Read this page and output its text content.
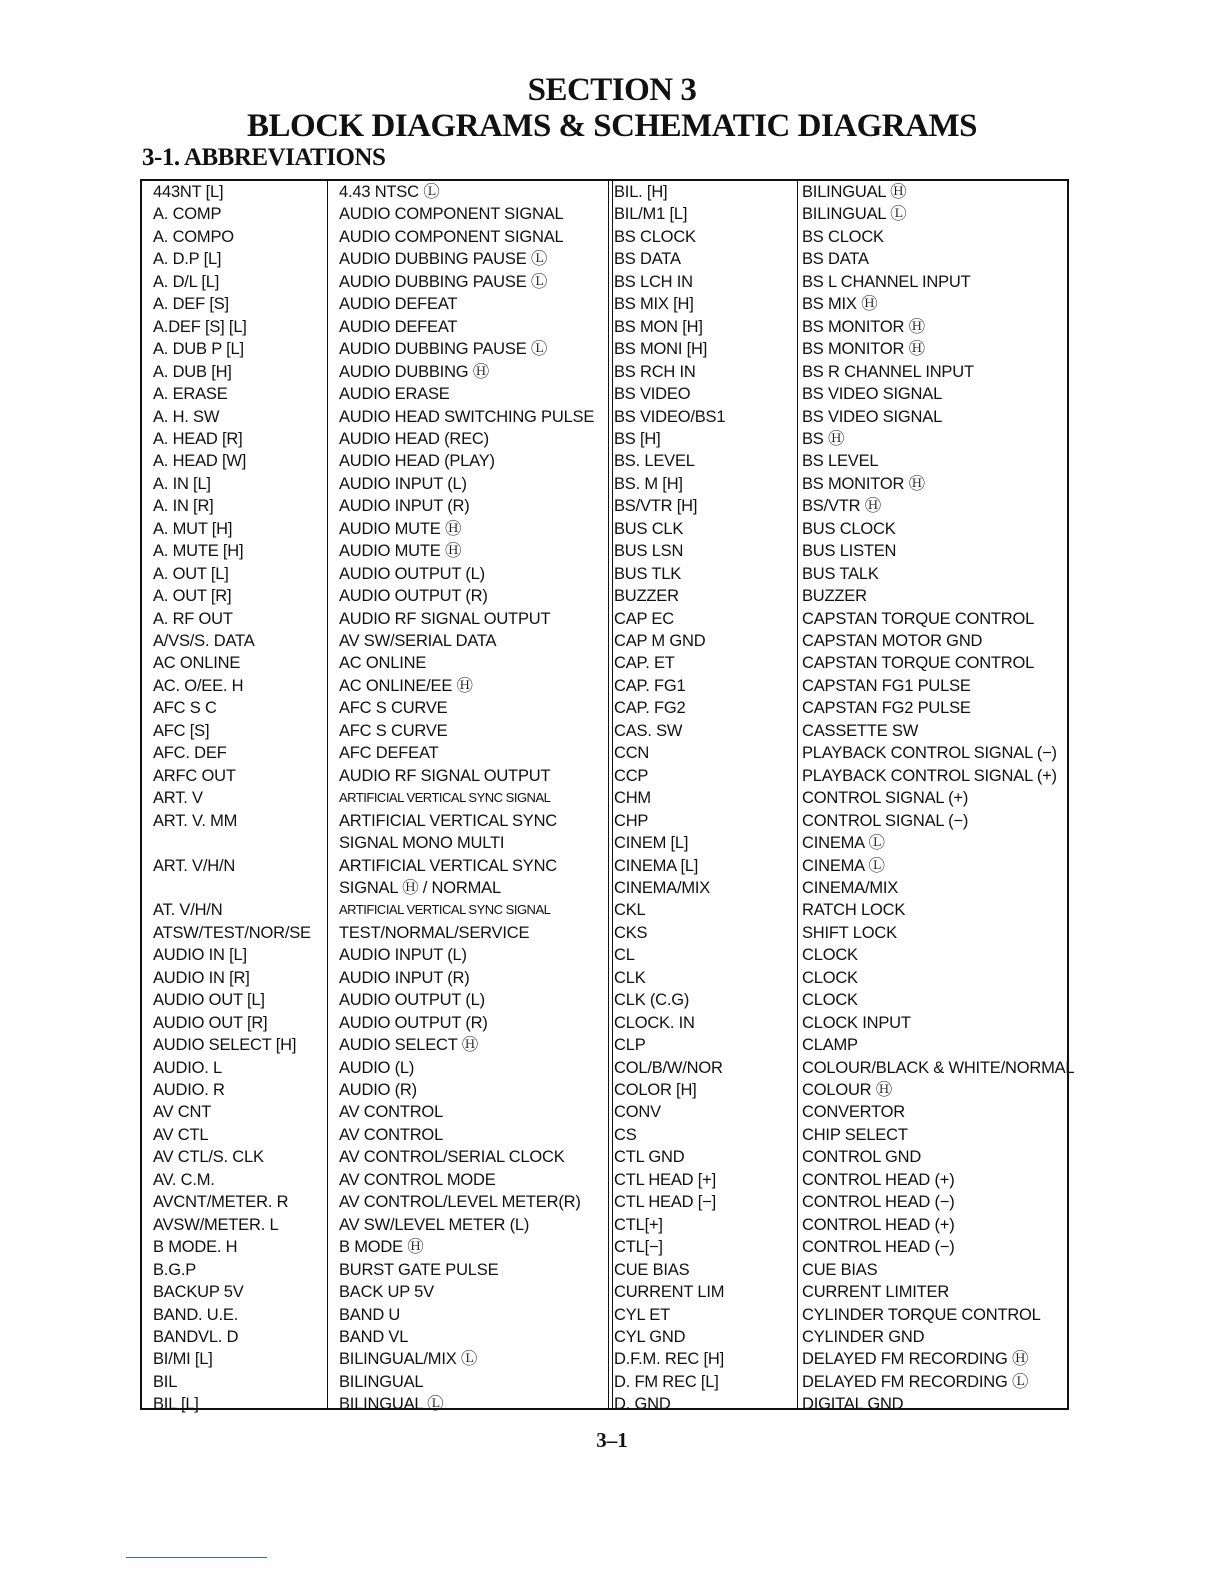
SECTION 3
BLOCK DIAGRAMS & SCHEMATIC DIAGRAMS
3-1. ABBREVIATIONS
443NT [L]
A. COMP
A. COMPO
A. D.P [L]
A. D/L [L]
A. DEF [S]
A.DEF [S] [L]
A. DUB P [L]
A. DUB [H]
A. ERASE
A. H. SW
A. HEAD [R]
A. HEAD [W]
A. IN [L]
A. IN [R]
A. MUT [H]
A. MUTE [H]
A. OUT [L]
A. OUT [R]
A. RF OUT
A/VS/S. DATA
AC ONLINE
AC. O/EE. H
AFC S C
AFC [S]
AFC. DEF
ARFC OUT
ART. V
ART. V. MM
ART. V/H/N
AT. V/H/N
ATSW/TEST/NOR/SE
AUDIO IN [L]
AUDIO IN [R]
AUDIO OUT [L]
AUDIO OUT [R]
AUDIO SELECT [H]
AUDIO. L
AUDIO. R
AV CNT
AV CTL
AV CTL/S. CLK
AV. C.M.
AVCNT/METER. R
AVSW/METER. L
B MODE. H
B.G.P
BACKUP 5V
BAND. U.E.
BANDVL. D
BI/MI [L]
BIL
BIL [L]
4.43 NTSC Ⓛ
AUDIO COMPONENT SIGNAL
AUDIO COMPONENT SIGNAL
AUDIO DUBBING PAUSE Ⓛ
AUDIO DUBBING PAUSE Ⓛ
AUDIO DEFEAT
AUDIO DEFEAT
AUDIO DUBBING PAUSE Ⓛ
AUDIO DUBBING Ⓗ
AUDIO ERASE
AUDIO HEAD SWITCHING PULSE
AUDIO HEAD (REC)
AUDIO HEAD (PLAY)
AUDIO INPUT (L)
AUDIO INPUT (R)
AUDIO MUTE Ⓗ
AUDIO MUTE Ⓗ
AUDIO OUTPUT (L)
AUDIO OUTPUT (R)
AUDIO RF SIGNAL OUTPUT
AV SW/SERIAL DATA
AC ONLINE
AC ONLINE/EE Ⓗ
AFC S CURVE
AFC S CURVE
AFC DEFEAT
AUDIO RF SIGNAL OUTPUT
ARTIFICIAL VERTICAL SYNC SIGNAL
ARTIFICIAL VERTICAL SYNC
SIGNAL MONO MULTI
ARTIFICIAL VERTICAL SYNC
SIGNAL Ⓗ / NORMAL
ARTIFICIAL VERTICAL SYNC SIGNAL
TEST/NORMAL/SERVICE
AUDIO INPUT (L)
AUDIO INPUT (R)
AUDIO OUTPUT (L)
AUDIO OUTPUT (R)
AUDIO SELECT Ⓗ
AUDIO (L)
AUDIO (R)
AV CONTROL
AV CONTROL
AV CONTROL/SERIAL CLOCK
AV CONTROL MODE
AV CONTROL/LEVEL METER(R)
AV SW/LEVEL METER (L)
B MODE Ⓗ
BURST GATE PULSE
BACK UP 5V
BAND U
BAND VL
BILINGUAL/MIX Ⓛ
BILINGUAL
BILINGUAL Ⓛ
BIL. [H]
BIL/M1 [L]
BS CLOCK
BS DATA
BS LCH IN
BS MIX [H]
BS MON [H]
BS MONI [H]
BS RCH IN
BS VIDEO
BS VIDEO/BS1
BS [H]
BS. LEVEL
BS. M [H]
BS/VTR [H]
BUS CLK
BUS LSN
BUS TLK
BUZZER
CAP EC
CAP M GND
CAP. ET
CAP. FG1
CAP. FG2
CAS. SW
CCN
CCP
CHM
CHP
CINEM [L]
CINEMA [L]
CINEMA/MIX
CKL
CKS
CL
CLK
CLK (C.G)
CLOCK. IN
CLP
COL/B/W/NOR
COLOR [H]
CONV
CS
CTL GND
CTL HEAD [+]
CTL HEAD [−]
CTL[+]
CTL[−]
CUE BIAS
CURRENT LIM
CYL ET
CYL GND
D.F.M. REC [H]
D. FM REC [L]
D. GND
BILINGUAL Ⓗ
BILINGUAL Ⓛ
BS CLOCK
BS DATA
BS L CHANNEL INPUT
BS MIX Ⓗ
BS MONITOR Ⓗ
BS MONITOR Ⓗ
BS R CHANNEL INPUT
BS VIDEO SIGNAL
BS VIDEO SIGNAL
BS Ⓗ
BS LEVEL
BS MONITOR Ⓗ
BS/VTR Ⓗ
BUS CLOCK
BUS LISTEN
BUS TALK
BUZZER
CAPSTAN TORQUE CONTROL
CAPSTAN MOTOR GND
CAPSTAN TORQUE CONTROL
CAPSTAN FG1 PULSE
CAPSTAN FG2 PULSE
CASSETTE SW
PLAYBACK CONTROL SIGNAL (−)
PLAYBACK CONTROL SIGNAL (+)
CONTROL SIGNAL (+)
CONTROL SIGNAL (−)
CINEMA Ⓛ
CINEMA Ⓛ
CINEMA/MIX
RATCH LOCK
SHIFT LOCK
CLOCK
CLOCK
CLOCK
CLOCK INPUT
CLAMP
COLOUR/BLACK & WHITE/NORMAL
COLOUR Ⓗ
CONVERTOR
CHIP SELECT
CONTROL GND
CONTROL HEAD (+)
CONTROL HEAD (−)
CONTROL HEAD (+)
CONTROL HEAD (−)
CUE BIAS
CURRENT LIMITER
CYLINDER TORQUE CONTROL
CYLINDER GND
DELAYED FM RECORDING Ⓗ
DELAYED FM RECORDING Ⓛ
DIGITAL GND
3–1
